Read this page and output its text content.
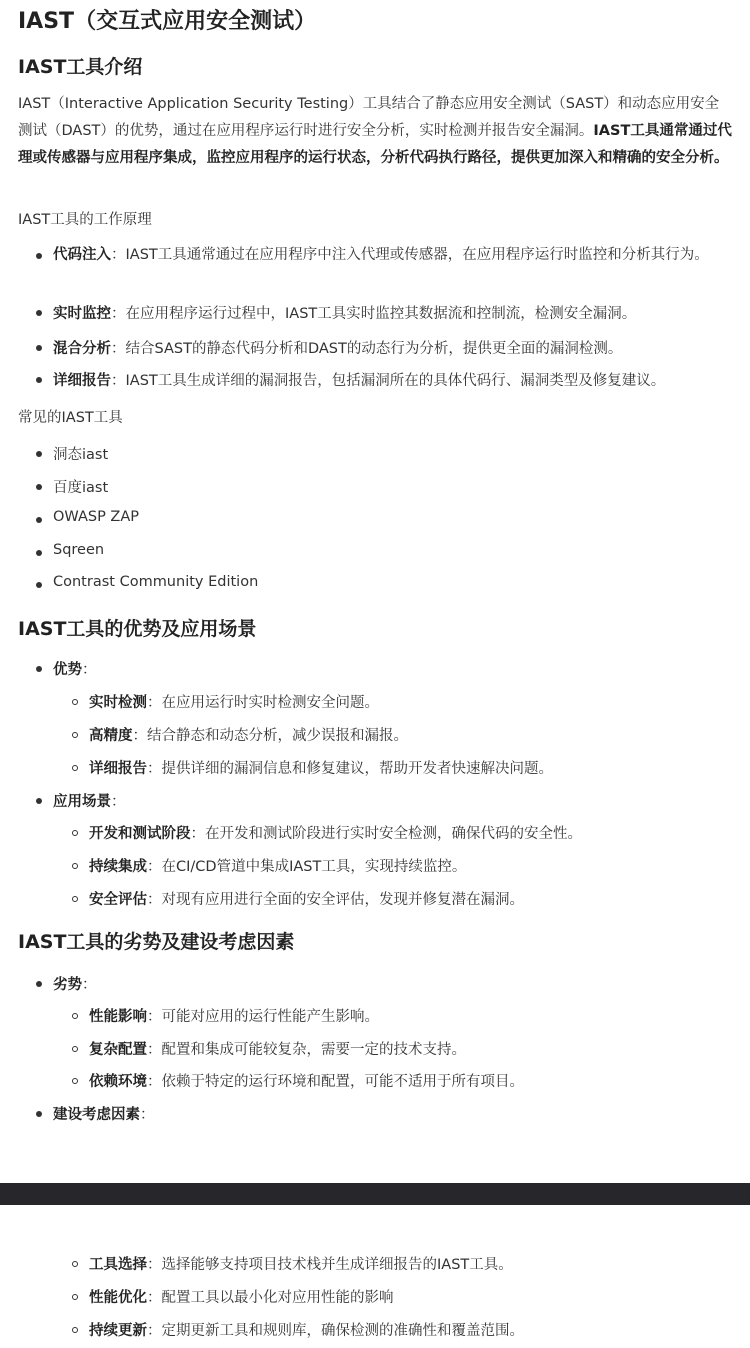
IAST（交互式应用安全测试）
IAST工具介绍
IAST（Interactive Application Security Testing）工具结合了静态应用安全测试（SAST）和动态应用安全测试（DAST）的优势，通过在应用程序运行时进行安全分析，实时检测并报告安全漏洞。IAST工具通常通过代理或传感器与应用程序集成，监控应用程序的运行状态，分析代码执行路径，提供更加深入和精确的安全分析。
IAST工具的工作原理
代码注入：IAST工具通常通过在应用程序中注入代理或传感器，在应用程序运行时监控和分析其行为。
实时监控：在应用程序运行过程中，IAST工具实时监控其数据流和控制流，检测安全漏洞。
混合分析：结合SAST的静态代码分析和DAST的动态行为分析，提供更全面的漏洞检测。
详细报告：IAST工具生成详细的漏洞报告，包括漏洞所在的具体代码行、漏洞类型及修复建议。
常见的IAST工具
洞态iast
百度iast
OWASP ZAP
Sqreen
Contrast Community Edition
IAST工具的优势及应用场景
优势：
实时检测：在应用运行时实时检测安全问题。
高精度：结合静态和动态分析，减少误报和漏报。
详细报告：提供详细的漏洞信息和修复建议，帮助开发者快速解决问题。
应用场景：
开发和测试阶段：在开发和测试阶段进行实时安全检测，确保代码的安全性。
持续集成：在CI/CD管道中集成IAST工具，实现持续监控。
安全评估：对现有应用进行全面的安全评估，发现并修复潜在漏洞。
IAST工具的劣势及建设考虑因素
劣势：
性能影响：可能对应用的运行性能产生影响。
复杂配置：配置和集成可能较复杂，需要一定的技术支持。
依赖环境：依赖于特定的运行环境和配置，可能不适用于所有项目。
建设考虑因素：
工具选择：选择能够支持项目技术栈并生成详细报告的IAST工具。
性能优化：配置工具以最小化对应用性能的影响
持续更新：定期更新工具和规则库，确保检测的准确性和覆盖范围。
